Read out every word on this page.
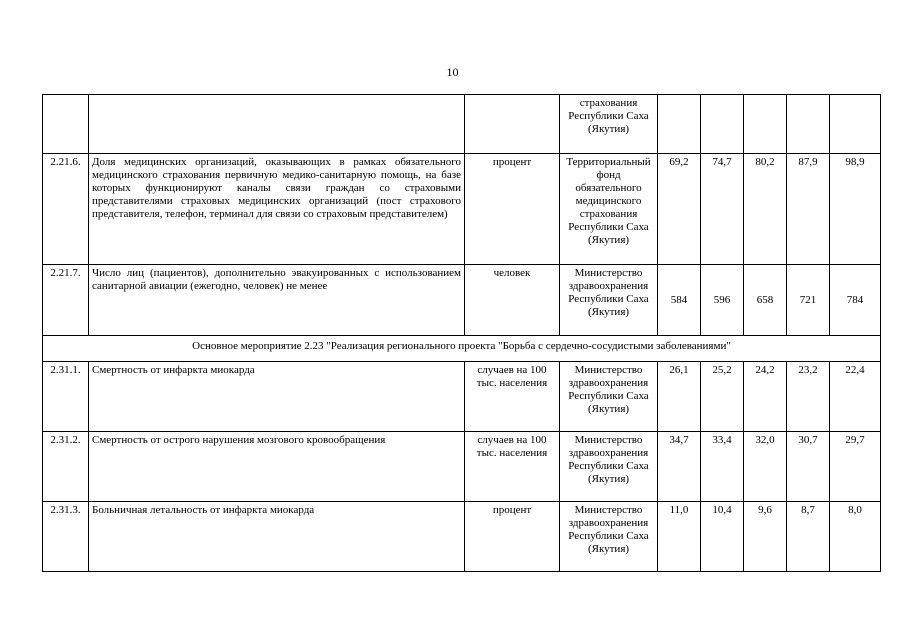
10
			страхования Республики Саха (Якутия)					
2.21.6.	Доля медицинских организаций, оказывающих в рамках обязательного медицинского страхования первичную медико-санитарную помощь, на базе которых функционируют каналы связи граждан со страховыми представителями страховых медицинских организаций (пост страхового представителя, телефон, терминал для связи со страховым представителем)	процент	Территориальный фонд обязательного медицинского страхования Республики Саха (Якутия)	69,2	74,7	80,2	87,9	98,9
2.21.7.	Число лиц (пациентов), дополнительно эвакуированных с использованием санитарной авиации (ежегодно, человек) не менее	человек	Министерство здравоохранения Республики Саха (Якутия)	584	596	658	721	784
Основное мероприятие 2.23 "Реализация регионального проекта "Борьба с сердечно-сосудистыми заболеваниями"								
2.31.1.	Смертность от инфаркта миокарда	случаев на 100 тыс. населения	Министерство здравоохранения Республики Саха (Якутия)	26,1	25,2	24,2	23,2	22,4
2.31.2.	Смертность от острого нарушения мозгового кровообращения	случаев на 100 тыс. населения	Министерство здравоохранения Республики Саха (Якутия)	34,7	33,4	32,0	30,7	29,7
2.31.3.	Больничная летальность от инфаркта миокарда	процент	Министерство здравоохранения Республики Саха (Якутия)	11,0	10,4	9,6	8,7	8,0
